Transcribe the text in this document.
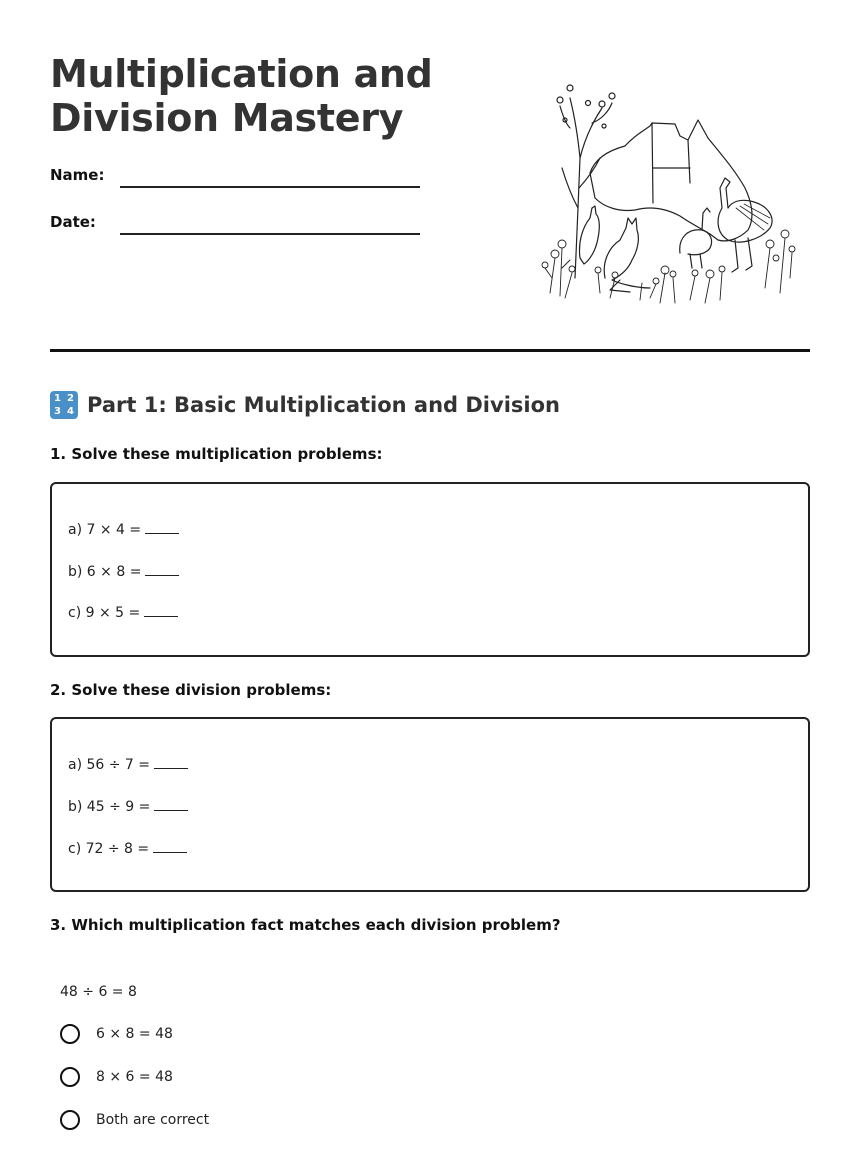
Multiplication and
Division Mastery
Name:
Date:
1 2
3 4 Part 1: Basic Multiplication and Division
1. Solve these multiplication problems:
a) 7 × 4 =
b) 6 × 8 =
c) 9 × 5 =
2. Solve these division problems:
a) 56 ÷ 7 =
b) 45 ÷ 9 =
c) 72 ÷ 8 =
3. Which multiplication fact matches each division problem?
48 ÷ 6 = 8
6 × 8 = 48
8 × 6 = 48
Both are correct
